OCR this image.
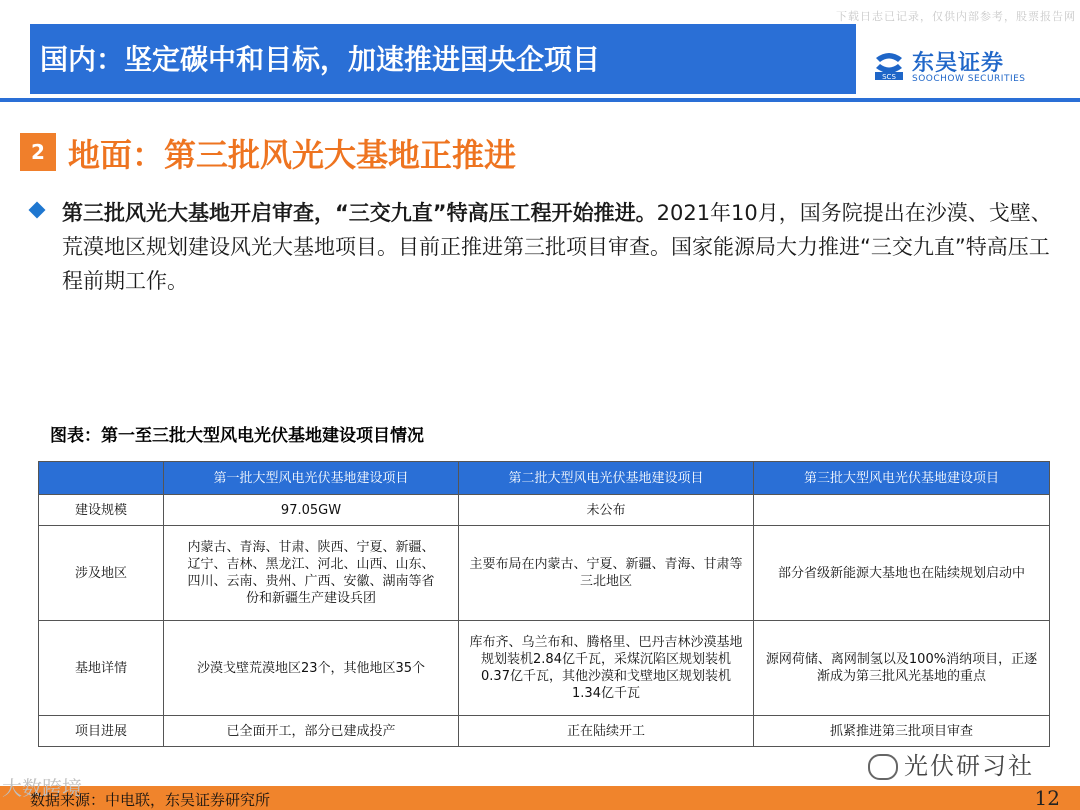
下载日志已记录，仅供内部参考，股票报告网
国内：坚定碳中和目标，加速推进国央企项目
SCS
东吴证券
SOOCHOW SECURITIES
2 地面：第三批风光大基地正推进
第三批风光大基地开启审查，“三交九直”特高压工程开始推进。2021年10月，国务院提出在沙漠、戈壁、荒漠地区规划建设风光大基地项目。目前正推进第三批项目审查。国家能源局大力推进“三交九直”特高压工程前期工作。
图表：第一至三批大型风电光伏基地建设项目情况
	第一批大型风电光伏基地建设项目	第二批大型风电光伏基地建设项目	第三批大型风电光伏基地建设项目
建设规模	97.05GW	未公布	
涉及地区	内蒙古、青海、甘肃、陕西、宁夏、新疆、辽宁、吉林、黑龙江、河北、山西、山东、四川、云南、贵州、广西、安徽、湖南等省份和新疆生产建设兵团	主要布局在内蒙古、宁夏、新疆、青海、甘肃等三北地区	部分省级新能源大基地也在陆续规划启动中
基地详情	沙漠戈壁荒漠地区23个，其他地区35个	库布齐、乌兰布和、腾格里、巴丹吉林沙漠基地规划装机2.84亿千瓦，采煤沉陷区规划装机0.37亿千瓦，其他沙漠和戈壁地区规划装机1.34亿千瓦	源网荷储、离网制氢以及100%消纳项目，正逐渐成为第三批风光基地的重点
项目进展	已全面开工，部分已建成投产	正在陆续开工	抓紧推进第三批项目审查
光伏研习社
大数跨境
数据来源：中电联，东吴证券研究所	12
